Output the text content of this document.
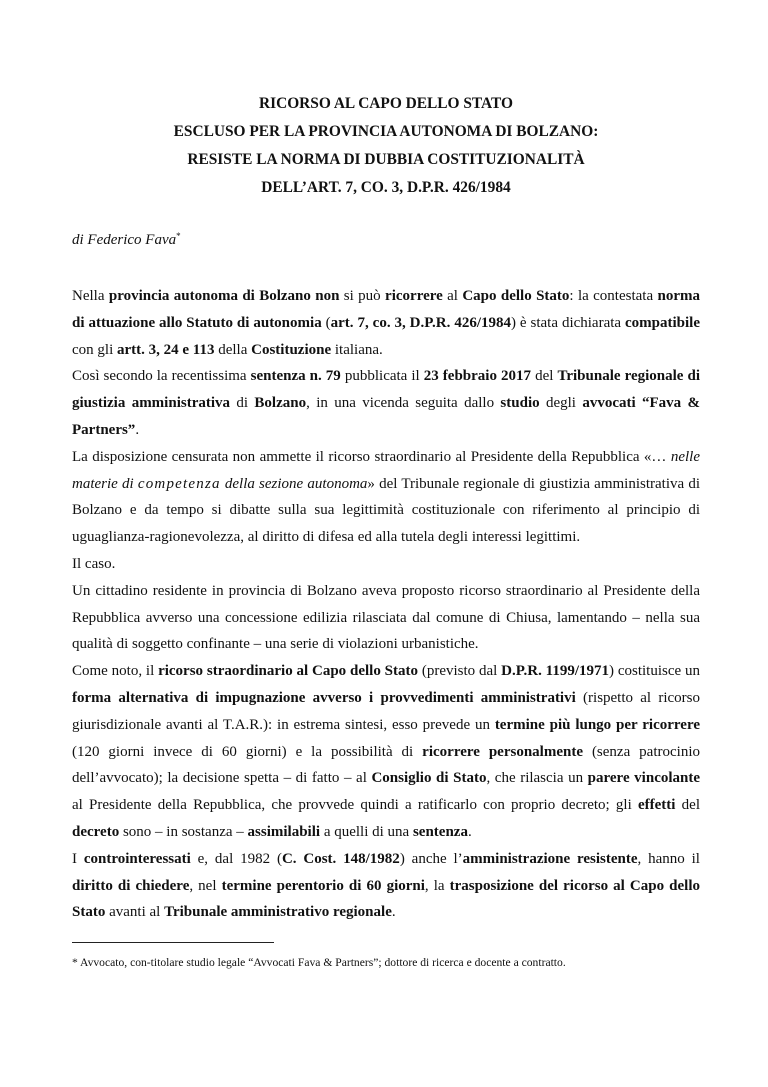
RICORSO AL CAPO DELLO STATO
ESCLUSO PER LA PROVINCIA AUTONOMA DI BOLZANO:
RESISTE LA NORMA DI DUBBIA COSTITUZIONALITÀ
DELL’ART. 7, CO. 3, D.P.R. 426/1984
di Federico Fava*

Nella provincia autonoma di Bolzano non si può ricorrere al Capo dello Stato: la contestata norma di attuazione allo Statuto di autonomia (art. 7, co. 3, D.P.R. 426/1984) è stata dichiarata compatibile con gli artt. 3, 24 e 113 della Costituzione italiana.

Così secondo la recentissima sentenza n. 79 pubblicata il 23 febbraio 2017 del Tribunale regionale di giustizia amministrativa di Bolzano, in una vicenda seguita dallo studio degli avvocati “Fava & Partners”.

La disposizione censurata non ammette il ricorso straordinario al Presidente della Repubblica «… nelle materie di competenza della sezione autonoma» del Tribunale regionale di giustizia amministrativa di Bolzano e da tempo si dibatte sulla sua legittimità costituzionale con riferimento al principio di uguaglianza-ragionevolezza, al diritto di difesa ed alla tutela degli interessi legittimi.

Il caso.

Un cittadino residente in provincia di Bolzano aveva proposto ricorso straordinario al Presidente della Repubblica avverso una concessione edilizia rilasciata dal comune di Chiusa, lamentando – nella sua qualità di soggetto confinante – una serie di violazioni urbanistiche.

Come noto, il ricorso straordinario al Capo dello Stato (previsto dal D.P.R. 1199/1971) costituisce un forma alternativa di impugnazione avverso i provvedimenti amministrativi (rispetto al ricorso giurisdizionale avanti al T.A.R.): in estrema sintesi, esso prevede un termine più lungo per ricorrere (120 giorni invece di 60 giorni) e la possibilità di ricorrere personalmente (senza patrocinio dell’avvocato); la decisione spetta – di fatto – al Consiglio di Stato, che rilascia un parere vincolante al Presidente della Repubblica, che provvede quindi a ratificarlo con proprio decreto; gli effetti del decreto sono – in sostanza – assimilabili a quelli di una sentenza.

I controinteressati e, dal 1982 (C. Cost. 148/1982) anche l’amministrazione resistente, hanno il diritto di chiedere, nel termine perentorio di 60 giorni, la trasposizione del ricorso al Capo dello Stato avanti al Tribunale amministrativo regionale.

* Avvocato, con-titolare studio legale “Avvocati Fava & Partners”; dottore di ricerca e docente a contratto.
